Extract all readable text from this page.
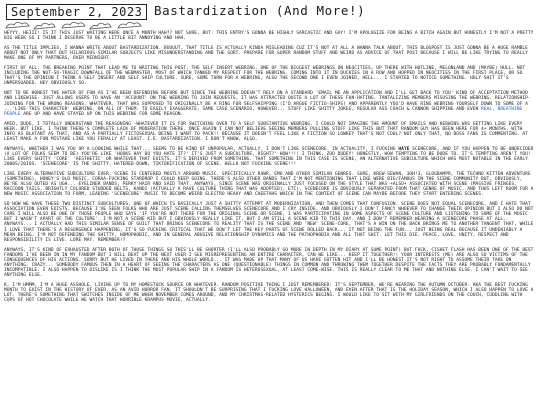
September 2, 2023 Bastardization (And More!)

HEYYY, HEIII! IS IT THIS JUST WAITING HERE ONCE A MONTH HAH?? NOT SURE, BUT. THIS ENTRY'S GONNA BE HIGHLY SARCASTIC AND GAY! I'M APOLOGIZE FOR BEING A BITCH AGAIN BUT HONESTLY I'M NOT A PRETTY BIG WEEK SO I THINK I DESERVE TO BE A LITTLE BIT ANNOYING AND HAH.

AS THE TITLE IMPLIES, I WANNA WRITE ABOUT BASTARDIZATION. BUUUUT, THAT TITLE IS ACTUALLY KINDA MISLEADING CUZ IT'S NOT AT ALL A WANNA TALK ABOUT. THIS BLOGPOST IS JUST GONNA BE A HUGE RAMBLE ABOUT NOT ONLY THAT BUT HILARIOUS-SIMILAR SUBJECTS LIKE MISUNDERSTANDING AND THE SORT. PREPARE FOR SUPER RANDOM STUFF AND WEIRD AS ADVICE OF THAT POST BECAUSE I WILL BE LIKE TRYING TO REALLY MAKE ONE OF MY PARTNERS, OVER MIDNIGHT.

FIRST OF ALL: THE BREAKING POINT THAT LEAD ME TO WRITING THIS POST: THE SELF INSERT WEBRING. ONE OF THE BIGGEST WEBRINGS ON NEOCITIES, UP THERE WITH HOTLINE, MELONLAND AND (MAYBE) HULL. NOT INCLUDING THE NOT-SO-TRAGIC DOWNFALL OF THE WEBMASTER, MOST OF WHICH TANKED MY RESPECT FOR THE WEBRING. COMING INTO IT IN DUCKIES IN A ROW AND HOPPED IN NEOCITIES IN THE FIRST PLACE, OR SO THAT'S THE OPINION I THINK A SELF INSERT AND SELF SHIP CULTURE. SURE, SOME TURN FOR A WEBRING, ALSO THE SECOND ONE I EVEN JOINED, HELL... I STARTED TO NOTICE SOMETHING. HOLY SHIT IT'S UNPERSUADED. HEY OBVIOUSLY SO.

NOT TO BE HONEST THE HATER OF FUN AS I'VE BEEN DEFENDING BEFORE BUT SINCE THE WEBRING DOESN'T RELY ON A STANDARD 'EMAIL ME AN APPLICATION AND I'LL GET BACK TO YOU' KIND OF ACCEPTATION METHOD AND LIKEWISE- JUST ALLOWS USERS TO HAVE AN 'ACCOUNT' ON THE WEBRING TO JOIN REQUESTS, IT HAS ATTRACTED QUITE A LOT OF THESE FUN-HATING, TANTALIZING MEMBERS MISUSING THE WEBRING. RELATIONSHIP-JOINING FOR THE WRONG REASONS. WHATEVER, THAT WAS SUPPOSED TO ORIGINALLY BE A RING FOR SELFSHIPPING (I'D ARGUE FICTIO-SHIPS) AND APPARENTLY YOU'D HAVE RING WEBRING YOURSELF DOWN TO SOME OF A ...'LIKE THIS CHARACTER' WEBRING, ON ALL OF THEM. TO EASILY EXAGGERATE, SAME CASE SCENARIO, HOWEVER... STUFF LIKE SHITTY JOKES, REGULAR ASS COACH & CANNON SHIPPING AND EVEN REAL, BREATHING PEOPLE ARE UP AND HAVE STAYED UP ON THIS WEBRING FOR SOME REASON.

AMID, DUDE, I TOTALLY UNDERSTAND THE REASONING -WHATEVER IT IS FOR SWITCHING OVER TO A SELF SUBSTANTIVE WEBRING. I COULD NOT IMAGINE THE AMOUNT OF EMAILS AND KERWINS WAS GETTING LIKE EVERY WEEK. BUT LIKE, I THINK THERE'S COMPLETE LACK OF MODERATION THERE. ONCE AGAIN I CAN NOT BELIEVE SEEING MEMBERS PULLING STUFF LIKE THIS BUT THAT RANDOM GUY HAS BEEN HERE FOR 4+ MONTHS. WITH INFO AS BLATANT AS THAT, AND AS A PARTIALLY FICTOSEXUAL BEING I WANT TO PACK!! BECAUSE IT DOESN'T FEEL LIKE A FICTION SO LOWKEY THAT'S NOT COOL? NOT ONLY THAT, NO BOSS FANS IS COMMENTING. AT LEAST MAKE A FUN MISTAKE LIKE YOU FERALLY AT LEAST. I.E. BASTARDIZATION. I DON'T KNOW, ALSO.

ANYWAYS, WHETHER I WAS YOU OR A LOOKING WHILE THAT... SEEMS TO BE KIND OF UNPOPULAR, ACTUALLY. I DON'T LIKE SCENECORE. IN ACTUALITY, I FUCKING HATE SCENECORE, AND IF YOU HAPPEN TO BE UNDECIDED (A LOT OF FOLKS SEEM TO BE) YOU'RE LIKE 'HOOKS HAY DO YOU HATE IT?' IT'S JUST A SUBCULTURE, RIGHT?' HOW!!!! I THINK, ZOO DUDEY! HONESTLY, HOW TEMPTING TO BE DUDE TO. IT'S TEMPTING AREN'T YOU! LIKE EVERY SHITTY 'CORE' 'AESTHETIC' OR WHATEVER THAT EXISTS, IT'S DERIVED FROM SOMETHING. THAT SOMETHING IN THIS CASE IS SCENE, AN ALTERNATIVE SUBCULTURE WHICH WAS MOST NOTABLE IN THE EARLY 2000S/2010S. 'SCENECORE' IS THE SHITTY, HATERED-DOWN, TIKTOKIFICATION OF SCENE. HELLO NOT FUCKING SCENE!!!

LIKE EVERY ALTERNATIVE SUBCULTURE EVER, SCENE IS CENTERED MOSTLY AROUND MUSIC. SPECIFICALLY RAWR, EMO AND OTHER SIMILAR GENRES. SURE, KREW-SEWAN, 3OH!3, GLOGBAMPR, THE TECHNO KITTEN ADVENTURE (SOMETHING), HONEY'S OLD MUSIC, CORAA-FUCKING STARDROP I COULD KEEP GOING. THERE'S ALSO OTHER BANDS THAT I'M NOT MENTIONING THAT LIKE WERE BIG/FAMOUS IN THE SCENE COMMUNITY BUT, OBVIOUSLY, WE'RE ALSO OUTED AS UGH... EYELINER BANDS, PERKY HAIR AND SAID THAT. ANYWAYS, SINCE SCENE WAS ORIGINALLY JUST FOCUSED ON THE STYLE THAT WAS +ALSO+ ASSOCIATED WITH SCENE (MASSIVE FRINGES, RACCOON TAILS, BRIGHTLY COLORED STUDDED BELTS, KANDI (ACTUALLY A RAVE CULTURE THING THAT WAS ADOPTED), ETC), SCENECORE IS OBVIOUSLY SEPARATED FROM THAT GENRE OF MUSIC. AND THUS LEFT ROOM FOR A NEW MUSIC ASSOCIATION TO FORM, LEADING 'SCENECORE' MUSIC TO BECOME WEIRD ELECTRO HEAVY AND CHEETAHS WHICH IN THE CONTEXT OF SCENE CAN MAYBE BEFORE THEY START ENTERING SCENES.

SO HOW WE HAVE THESE TWO DISTINCT SUBCULTURES, ONE OF WHICH IS BASICALLY JUST A SHITTY ATTEMPT AT MODERNIZATION, AND THEN COMES THAT CONFUSION. SCENE DOES NOT EQUAL SCENECORE, AND I HATE THAT ASSOCIATION EVEN EXISTS. BECAUSE I'VE SEEN FOLKS WHO ARE JUST SCENE CALLING THEMSELVES SCENECORE AND I CRY INSIDE. AND OBVIOUSLY I DON'T FANCY WHOEVER TO CHANGE THEIR OPINION BUT I ALSO DO NOT CARE I WILL ALSO BE ONE OF THOSE PEOPLE WHO SAYS 'IF YOU'RE NOT THERE FOR THE ORIGINAL SCENE OR SCENE, I WAS PARTICIPATING IN SOME ASPECTS OF SCENE CULTURE AND LISTENING TO SOME OF THE MUSIC BUT I WASN'T APART OF THE CULTURE'. I'M NOT A SCENE KID BUT I OBVIOUSLY REALLY LIKE IT, BUT I AM STILL A SCENE KID TO THIS DAY. AND I DON'T REMEMBER WEARING A SCENECORE PHASE AT ALL. ANYWAYS... I ACTUALLY HAD THIS SIMILAR SENSE OF GUILT THAT BRINGS SCENECORE TO REALITY THAT IS THE SCENE AND 'NEW' SCENE-CORE, THAT'S A WIN ON THE BACK BRINGS ME TO ANOTHER TANGENT THAT, WHILE I LOVE THAT THERE'S A RESURGENCE HAPPENING, IT'S SO FUCKING CRITICAL THAT WE DON'T LET THE KEY PARTS OF SCENE ROLLED BACK... IT NOT BEING THE FUN... JUST BEING REAL BECAUSE IT UNDENIABLY A MEAN BEING. I'M NOT DEFENDING THE SHITTY, HOMOPHOBIC, AND IN GENERAL ABUSIVE RELATIONSHIP DYNAMICS AND THE PATHOPHOBIA AND ALL THAT SHIT. LET THIS DIE. PEACE, LOVE, UNITY, RESPECT AND RESPONSIBILITY IS LIVE. LORE MAY. REMEMBER!?

ANYWAYS, IT'S KIND OF EXHAUSTED AFTER BOTH OF THOSE THINGS SO THIS'LL BE SHORTER (I'LL ALSO PROBABLY GO MORE IN DEPTH IN MY DIARY AT SOME POINT) BUT FUCK, CISHET FLASH HAS BEEN ONE OF THE BEST FANDOMS I'VE BEEN IN IN MY FANDOM BUT I WILL BEAT UP THE NEXT USER I SEE MISREPRESENTING AN ENTIRE CHARACTER, CAN WE LIKE... KEEP IT TOGETHER!! YOUR INTERESTS (ME) ARE ALSO SO VICTIMS OF THE CONSEQUENCES OF HIS ACTIONS. SORRY BUT HE LIVED IN THERE AND HIS WHOLE WORLD... IT WAS MADE UP THAT MANY OF US HAVE GOTTEN HIT AND I'LL BE HONEST IT'S NOT RIGHT TO ASSUME THEIR TAKE ON ANYTHING. CRAZY... SOMEBODY FAMOUS THEN IN A HEART OF SEEING THE CHARACTERS AS ONE (QUESTIONABLE) THINGS IN COMMON AND THROWING THEM TOGETHER DESPITE THE FACTS THEY ARE PROBABLY FUNDAMENTALLY INCOMPATIBLE. I ALSO HAPPEN TO DISLIKE IS I THINK THE MOST POPULAR SHIP IN A FANDOM IS HETEROSEXUAL, AT LEAST COME-WISE. THIS IS REALLY CLEAR TO ME THAT AND NOTHING ELSE. I CAN'T WAIT TO SEE ANYTHING ELSE.

K, I'M HMMM, I'M A HUGE ASSHOLE. LIVING UP TO MY HOMESTUCK SOURCE OR WHATEVER. RANDOM POSITIVE THING I JUST REMEMBERED: IT'S SEPTEMBER, WE'RE NEARING THE AUTUMN OCTOBER. AKA THE BEST FUCKING MONTH TO EXIST IN THE HISTORY OF EVER. AS AN AVID HORROR FAN, IT SHOULDN'T BE SURPRISING THAT I FUCKING LOVE HALLOWEEN, AND EVEN AFTER THAT IS THE HOLIDAY SEASON, WHICH I ALSO HAPPEN TO LOVE A LOT. THERE'S SOMETHING THAT SWITCHES INSIDE OF ME WHEN NOVEMBER COMES AROUND, AND MY CHRISTMAS-RELATED HYSTERICS BEGINS. I WOULD LIKE TO SIT WITH MY GIRLFRIENDS ON THE COUCH, CUDDLING WITH CUPS OF HOT CHOCOLATE WHILE WE WATCH THAT HORRIBLE KRAMPUS MOVIE, ACTUALLY.
